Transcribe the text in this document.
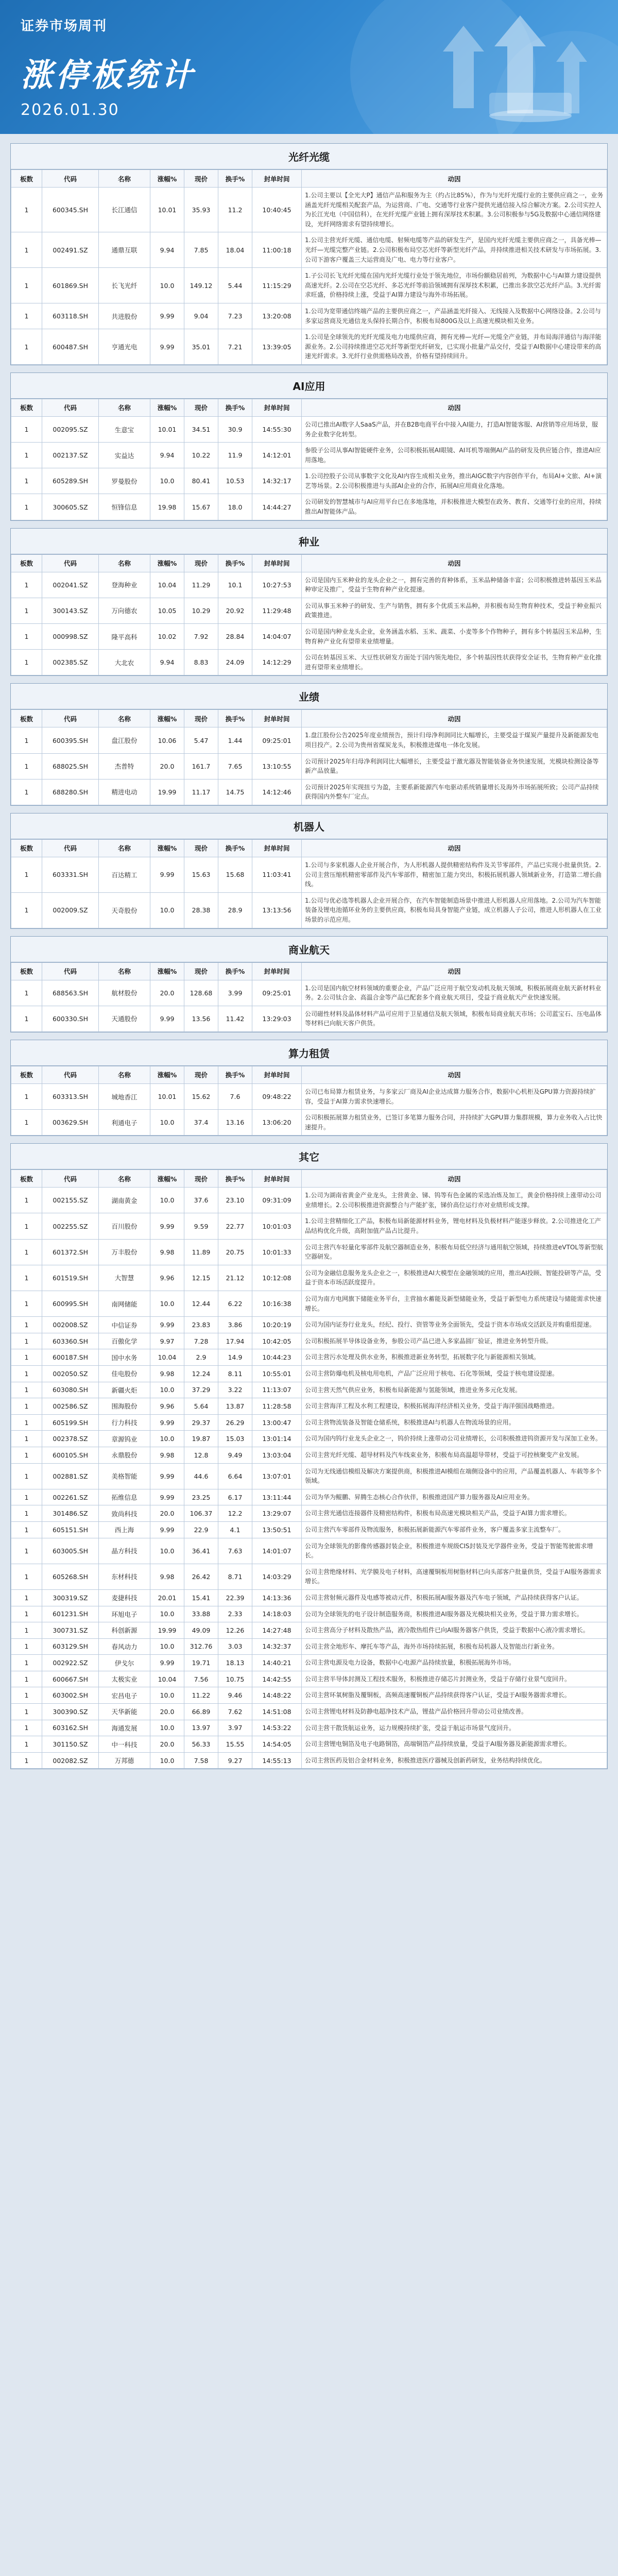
证券市场周刊
涨停板统计
2026.01.30
光纤光缆
板数	代码	名称	涨幅%	现价	换手%	封单时间	动因
1	600345.SH	长江通信	10.01	35.93	11.2	10:40:45	1.公司主要以【全光大P】通信产品和服务为主（约占比85%），作为与光纤光缆行业的主要供应商之一，业务涵盖光纤光缆相关配套产品，为运营商、广电、交通等行业客户提供光通信接入综合解决方案。2.公司实控人为长江光电（中国信科），在光纤光缆产业链上拥有深厚技术积累。3.公司积极参与5G及数据中心通信网络建设，光纤网络需求有望持续增长。
1	002491.SZ	通鼎互联	9.94	7.85	18.04	11:00:18	1.公司主营光纤光缆、通信电缆、射频电缆等产品的研发生产，是国内光纤光缆主要供应商之一，具备光棒—光纤—光缆完整产业链。2.公司积极布局空芯光纤等新型光纤产品，并持续推进相关技术研发与市场拓展。3.公司下游客户覆盖三大运营商及广电、电力等行业客户。
1	601869.SH	长飞光纤	10.0	149.12	5.44	11:15:29	1.子公司长飞光纤光缆在国内光纤光缆行业处于领先地位，市场份额稳居前列，为数据中心与AI算力建设提供高速光纤。2.公司在空芯光纤、多芯光纤等前沿领域拥有深厚技术积累，已推出多款空芯光纤产品。3.光纤需求旺盛，价格持续上涨，受益于AI算力建设与海外市场拓展。
1	603118.SH	共进股份	9.99	9.04	7.23	13:20:08	1.公司为宽带通信终端产品的主要供应商之一，产品涵盖光纤接入、无线接入及数据中心网络设备。2.公司与多家运营商及光通信龙头保持长期合作，积极布局800G及以上高速光模块相关业务。
1	600487.SH	亨通光电	9.99	35.01	7.21	13:39:05	1.公司是全球领先的光纤光缆及电力电缆供应商，拥有光棒—光纤—光缆全产业链，并布局海洋通信与海洋能源业务。2.公司持续推进空芯光纤等新型光纤研发，已实现小批量产品交付，受益于AI数据中心建设带来的高速光纤需求。3.光纤行业供需格局改善，价格有望持续回升。
AI应用
板数	代码	名称	涨幅%	现价	换手%	封单时间	动因
1	002095.SZ	生意宝	10.01	34.51	30.9	14:55:30	公司已推出AI数字人SaaS产品，并在B2B电商平台中接入AI能力，打造AI智能客服、AI营销等应用场景，服务企业数字化转型。
1	002137.SZ	实益达	9.94	10.22	11.9	14:12:01	参股子公司从事AI智能硬件业务，公司积极拓展AI眼镜、AI耳机等端侧AI产品的研发及供应链合作，推进AI应用落地。
1	605289.SH	罗曼股份	10.0	80.41	10.53	14:32:17	1.公司控股子公司从事数字文化及AI内容生成相关业务，推出AIGC数字内容创作平台，布局AI+文旅、AI+演艺等场景。2.公司积极推进与头部AI企业的合作，拓展AI应用商业化落地。
1	300605.SZ	恒锋信息	19.98	15.67	18.0	14:44:27	公司研发的智慧城市与AI应用平台已在多地落地，并积极推进大模型在政务、教育、交通等行业的应用，持续推出AI智能体产品。
种业
板数	代码	名称	涨幅%	现价	换手%	封单时间	动因
1	002041.SZ	登海种业	10.04	11.29	10.1	10:27:53	公司是国内玉米种业的龙头企业之一，拥有完善的育种体系，玉米品种储备丰富；公司积极推进转基因玉米品种审定及推广，受益于生物育种产业化提速。
1	300143.SZ	万向德农	10.05	10.29	20.92	11:29:48	公司从事玉米种子的研发、生产与销售，拥有多个优质玉米品种，并积极布局生物育种技术，受益于种业振兴政策推进。
1	000998.SZ	隆平高科	10.02	7.92	28.84	14:04:07	公司是国内种业龙头企业，业务涵盖水稻、玉米、蔬菜、小麦等多个作物种子，拥有多个转基因玉米品种，生物育种产业化有望带来业绩增量。
1	002385.SZ	大北农	9.94	8.83	24.09	14:12:29	公司在转基因玉米、大豆性状研发方面处于国内领先地位，多个转基因性状获得安全证书，生物育种产业化推进有望带来业绩增长。
业绩
板数	代码	名称	涨幅%	现价	换手%	封单时间	动因
1	600395.SH	盘江股份	10.06	5.47	1.44	09:25:01	1.盘江股份公告2025年度业绩预告，预计归母净利润同比大幅增长，主要受益于煤炭产量提升及新能源发电项目投产。2.公司为贵州省煤炭龙头，积极推进煤电一体化发展。
1	688025.SH	杰普特	20.0	161.7	7.65	13:10:55	公司预计2025年归母净利润同比大幅增长，主要受益于激光器及智能装备业务快速发展，光模块检测设备等新产品放量。
1	688280.SH	精进电动	19.99	11.17	14.75	14:12:46	公司预计2025年实现扭亏为盈，主要系新能源汽车电驱动系统销量增长及海外市场拓展所致；公司产品持续获得国内外整车厂定点。
机器人
板数	代码	名称	涨幅%	现价	换手%	封单时间	动因
1	603331.SH	百达精工	9.99	15.63	15.68	11:03:41	1.公司与多家机器人企业开展合作，为人形机器人提供精密结构件及关节零部件，产品已实现小批量供货。2.公司主营压缩机精密零部件及汽车零部件，精密加工能力突出，积极拓展机器人领域新业务，打造第二增长曲线。
1	002009.SZ	天奇股份	10.0	28.38	28.9	13:13:56	1.公司与优必选等机器人企业开展合作，在汽车智能制造场景中推进人形机器人应用落地。2.公司为汽车智能装备及锂电池循环业务的主要供应商，积极布局具身智能产业链，成立机器人子公司，推进人形机器人在工业场景的示范应用。
商业航天
板数	代码	名称	涨幅%	现价	换手%	封单时间	动因
1	688563.SH	航材股份	20.0	128.68	3.99	09:25:01	1.公司是国内航空材料领域的重要企业，产品广泛应用于航空发动机及航天领域，积极拓展商业航天新材料业务。2.公司钛合金、高温合金等产品已配套多个商业航天项目，受益于商业航天产业快速发展。
1	600330.SH	天通股份	9.99	13.56	11.42	13:29:03	公司磁性材料及晶体材料产品可应用于卫星通信及航天领域，积极布局商业航天市场；公司蓝宝石、压电晶体等材料已向航天客户供货。
算力租赁
板数	代码	名称	涨幅%	现价	换手%	封单时间	动因
1	603313.SH	城地香江	10.01	15.62	7.6	09:48:22	公司已布局算力租赁业务，与多家云厂商及AI企业达成算力服务合作，数据中心机柜及GPU算力资源持续扩容，受益于AI算力需求快速增长。
1	003629.SH	利通电子	10.0	37.4	13.16	13:06:20	公司积极拓展算力租赁业务，已签订多笔算力服务合同，并持续扩大GPU算力集群规模，算力业务收入占比快速提升。
其它
板数	代码	名称	涨幅%	现价	换手%	封单时间	动因
1	002155.SZ	湖南黄金	10.0	37.6	23.10	09:31:09	1.公司为湖南省黄金产业龙头，主营黄金、锑、钨等有色金属的采选冶炼及加工，黄金价格持续上涨带动公司业绩增长。2.公司积极推进资源整合与产能扩张，锑价高位运行亦对业绩形成支撑。
1	002255.SZ	百川股份	9.99	9.59	22.77	10:01:03	1.公司主营精细化工产品，积极布局新能源材料业务，锂电材料及负极材料产能逐步释放。2.公司推进化工产品结构优化升级，高附加值产品占比提升。
1	601372.SH	万丰股份	9.98	11.89	20.75	10:01:33	公司主营汽车轻量化零部件及航空器制造业务，积极布局低空经济与通用航空领域，持续推进eVTOL等新型航空器研发。
1	601519.SH	大智慧	9.96	12.15	21.12	10:12:08	公司为金融信息服务龙头企业之一，积极推进AI大模型在金融领域的应用，推出AI投顾、智能投研等产品，受益于资本市场活跃度提升。
1	600995.SH	南网储能	10.0	12.44	6.22	10:16:38	公司为南方电网旗下储能业务平台，主营抽水蓄能及新型储能业务，受益于新型电力系统建设与储能需求快速增长。
1	002008.SZ	中信证券	9.99	23.83	3.86	10:20:19	公司为国内证券行业龙头，经纪、投行、资管等业务全面领先，受益于资本市场成交活跃及并购重组提速。
1	603360.SH	百傲化学	9.97	7.28	17.94	10:42:05	公司积极拓展半导体设备业务，参股公司产品已进入多家晶圆厂验证，推进业务转型升级。
1	600187.SH	国中水务	10.04	2.9	14.9	10:44:23	公司主营污水处理及供水业务，积极推进新业务转型，拓展数字化与新能源相关领域。
1	002050.SZ	佳电股份	9.98	12.24	8.11	10:55:01	公司主营防爆电机及核电用电机，产品广泛应用于核电、石化等领域，受益于核电建设提速。
1	603080.SH	新疆火炬	10.0	37.29	3.22	11:13:07	公司主营天然气供应业务，积极布局新能源与氢能领域，推进业务多元化发展。
1	002586.SZ	围海股份	9.96	5.64	13.87	11:28:58	公司主营海洋工程及水利工程建设，积极拓展海洋经济相关业务，受益于海洋强国战略推进。
1	605199.SH	行力科技	9.99	29.37	26.29	13:00:47	公司主营物流装备及智能仓储系统，积极推进AI与机器人在物流场景的应用。
1	002378.SZ	章源钨业	10.0	19.87	15.03	13:01:14	公司为国内钨行业龙头企业之一，钨价持续上涨带动公司业绩增长，公司积极推进钨资源开发与深加工业务。
1	600105.SH	永鼎股份	9.98	12.8	9.49	13:03:04	公司主营光纤光缆、超导材料及汽车线束业务，积极布局高温超导带材，受益于可控核聚变产业发展。
1	002881.SZ	美格智能	9.99	44.6	6.64	13:07:01	公司为无线通信模组及解决方案提供商，积极推进AI模组在端侧设备中的应用，产品覆盖机器人、车载等多个领域。
1	002261.SZ	拓维信息	9.99	23.25	6.17	13:11:44	公司为华为鲲鹏、昇腾生态核心合作伙伴，积极推进国产算力服务器及AI应用业务。
1	301486.SZ	致尚科技	20.0	106.37	12.2	13:29:07	公司主营光通信连接器件及精密结构件，积极布局高速光模块相关产品，受益于AI算力需求增长。
1	605151.SH	西上海	9.99	22.9	4.1	13:50:51	公司主营汽车零部件及物流服务，积极拓展新能源汽车零部件业务，客户覆盖多家主流整车厂。
1	603005.SH	晶方科技	10.0	36.41	7.63	14:01:07	公司为全球领先的影像传感器封装企业，积极推进车规级CIS封装及光学器件业务，受益于智能驾驶需求增长。
1	605268.SH	东材科技	9.98	26.42	8.71	14:03:29	公司主营绝缘材料、光学膜及电子材料，高速覆铜板用树脂材料已向头部客户批量供货，受益于AI服务器需求增长。
1	300319.SZ	麦捷科技	20.01	15.41	22.39	14:13:36	公司主营射频元器件及电感等被动元件，积极拓展AI服务器及汽车电子领域，产品持续获得客户认证。
1	601231.SH	环旭电子	10.0	33.88	2.33	14:18:03	公司为全球领先的电子设计制造服务商，积极推进AI服务器及光模块相关业务，受益于算力需求增长。
1	300731.SZ	科创新源	19.99	49.09	12.26	14:27:48	公司主营高分子材料及散热产品，液冷散热组件已向AI服务器客户供货，受益于数据中心液冷需求增长。
1	603129.SH	春风动力	10.0	312.76	3.03	14:32:37	公司主营全地形车、摩托车等产品，海外市场持续拓展，积极布局机器人及智能出行新业务。
1	002922.SZ	伊戈尔	9.99	19.71	18.13	14:40:21	公司主营电源及电力设备，数据中心电源产品持续放量，积极拓展海外市场。
1	600667.SH	太极实业	10.04	7.56	10.75	14:42:55	公司主营半导体封测及工程技术服务，积极推进存储芯片封测业务，受益于存储行业景气度回升。
1	603002.SH	宏昌电子	10.0	11.22	9.46	14:48:22	公司主营环氧树脂及覆铜板，高频高速覆铜板产品持续获得客户认证，受益于AI服务器需求增长。
1	300390.SZ	天华新能	20.0	66.89	7.62	14:51:08	公司主营锂电材料及防静电超净技术产品，锂盐产品价格回升带动公司业绩改善。
1	603162.SH	海通发展	10.0	13.97	3.97	14:53:22	公司主营干散货航运业务，运力规模持续扩张，受益于航运市场景气度回升。
1	301150.SZ	中一科技	20.0	56.33	15.55	14:54:05	公司主营锂电铜箔及电子电路铜箔，高端铜箔产品持续放量，受益于AI服务器及新能源需求增长。
1	002082.SZ	万邦德	10.0	7.58	9.27	14:55:13	公司主营医药及铝合金材料业务，积极推进医疗器械及创新药研发，业务结构持续优化。
